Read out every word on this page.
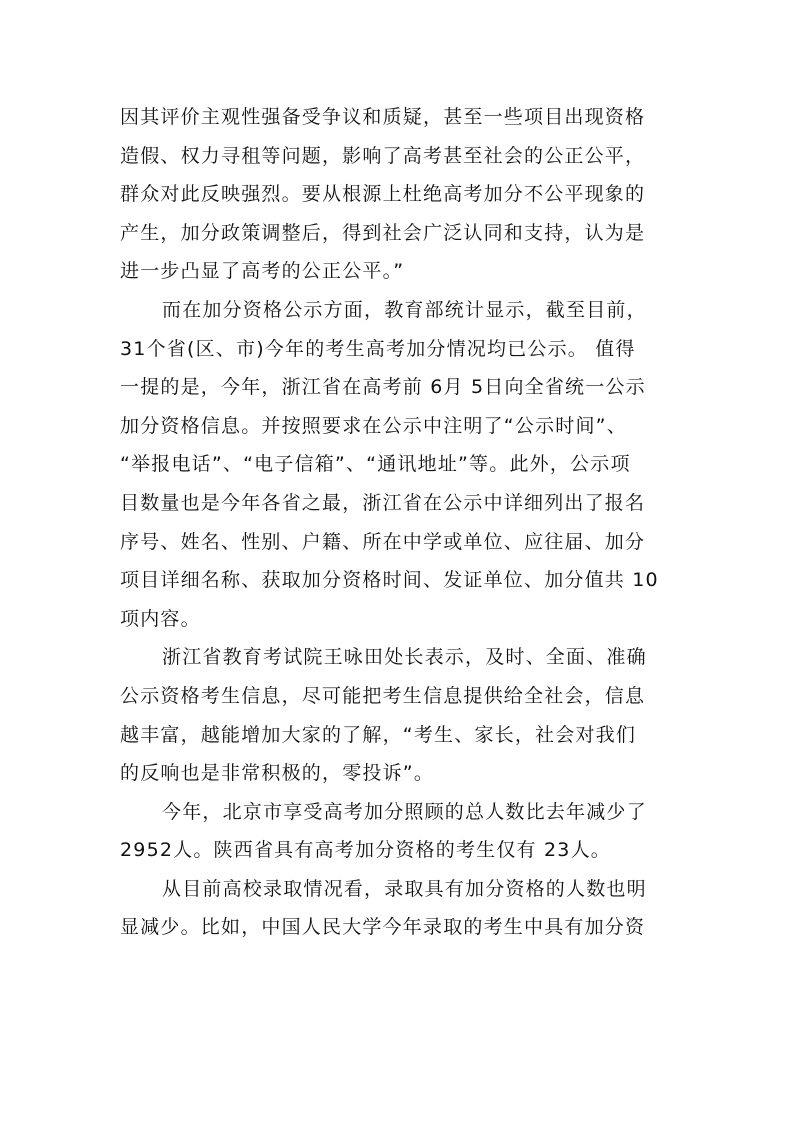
因其评价主观性强备受争议和质疑，甚至一些项目出现资格
造假、权力寻租等问题，影响了高考甚至社会的公正公平，
群众对此反映强烈。要从根源上杜绝高考加分不公平现象的
产生，加分政策调整后，得到社会广泛认同和支持，认为是
进一步凸显了高考的公正公平。”
而在加分资格公示方面，教育部统计显示，截至目前，
31个省(区、市)今年的考生高考加分情况均已公示。 值得
一提的是，今年，浙江省在高考前 6月 5日向全省统一公示
加分资格信息。并按照要求在公示中注明了“公示时间”、
“举报电话”、“电子信箱”、“通讯地址”等。此外，公示项
目数量也是今年各省之最，浙江省在公示中详细列出了报名
序号、姓名、性别、户籍、所在中学或单位、应往届、加分
项目详细名称、获取加分资格时间、发证单位、加分值共 10
项内容。
浙江省教育考试院王咏田处长表示，及时、全面、准确
公示资格考生信息，尽可能把考生信息提供给全社会，信息
越丰富，越能增加大家的了解，“考生、家长，社会对我们
的反响也是非常积极的，零投诉”。
今年，北京市享受高考加分照顾的总人数比去年减少了
2952人。陕西省具有高考加分资格的考生仅有 23人。
从目前高校录取情况看，录取具有加分资格的人数也明
显减少。比如，中国人民大学今年录取的考生中具有加分资
